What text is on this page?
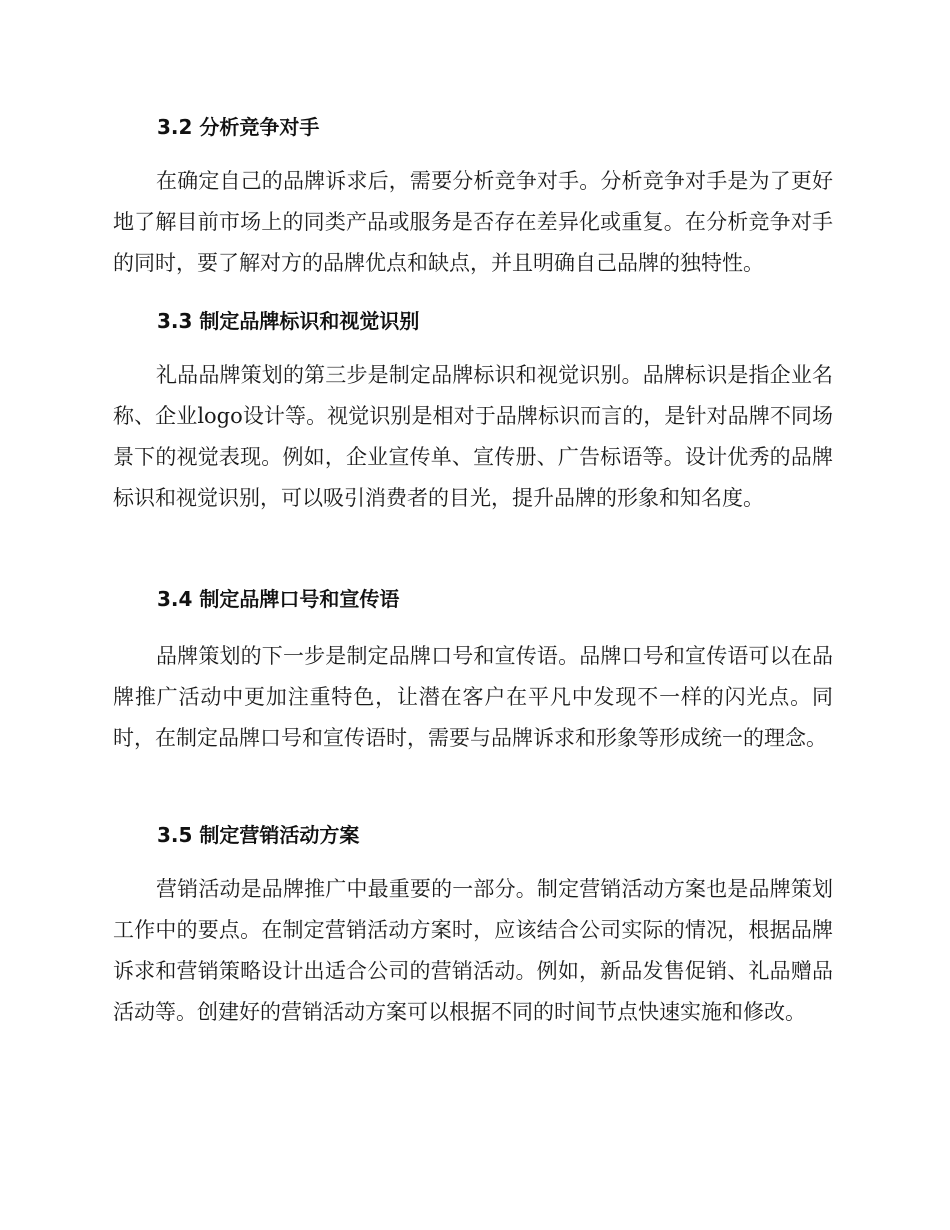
3.2 分析竞争对手

在确定自己的品牌诉求后，需要分析竞争对手。分析竞争对手是为了更好地了解目前市场上的同类产品或服务是否存在差异化或重复。在分析竞争对手的同时，要了解对方的品牌优点和缺点，并且明确自己品牌的独特性。

3.3 制定品牌标识和视觉识别

礼品品牌策划的第三步是制定品牌标识和视觉识别。品牌标识是指企业名称、企业logo设计等。视觉识别是相对于品牌标识而言的，是针对品牌不同场景下的视觉表现。例如，企业宣传单、宣传册、广告标语等。设计优秀的品牌标识和视觉识别，可以吸引消费者的目光，提升品牌的形象和知名度。

3.4 制定品牌口号和宣传语

品牌策划的下一步是制定品牌口号和宣传语。品牌口号和宣传语可以在品牌推广活动中更加注重特色，让潜在客户在平凡中发现不一样的闪光点。同时，在制定品牌口号和宣传语时，需要与品牌诉求和形象等形成统一的理念。

3.5 制定营销活动方案

营销活动是品牌推广中最重要的一部分。制定营销活动方案也是品牌策划工作中的要点。在制定营销活动方案时，应该结合公司实际的情况，根据品牌诉求和营销策略设计出适合公司的营销活动。例如，新品发售促销、礼品赠品活动等。创建好的营销活动方案可以根据不同的时间节点快速实施和修改。
